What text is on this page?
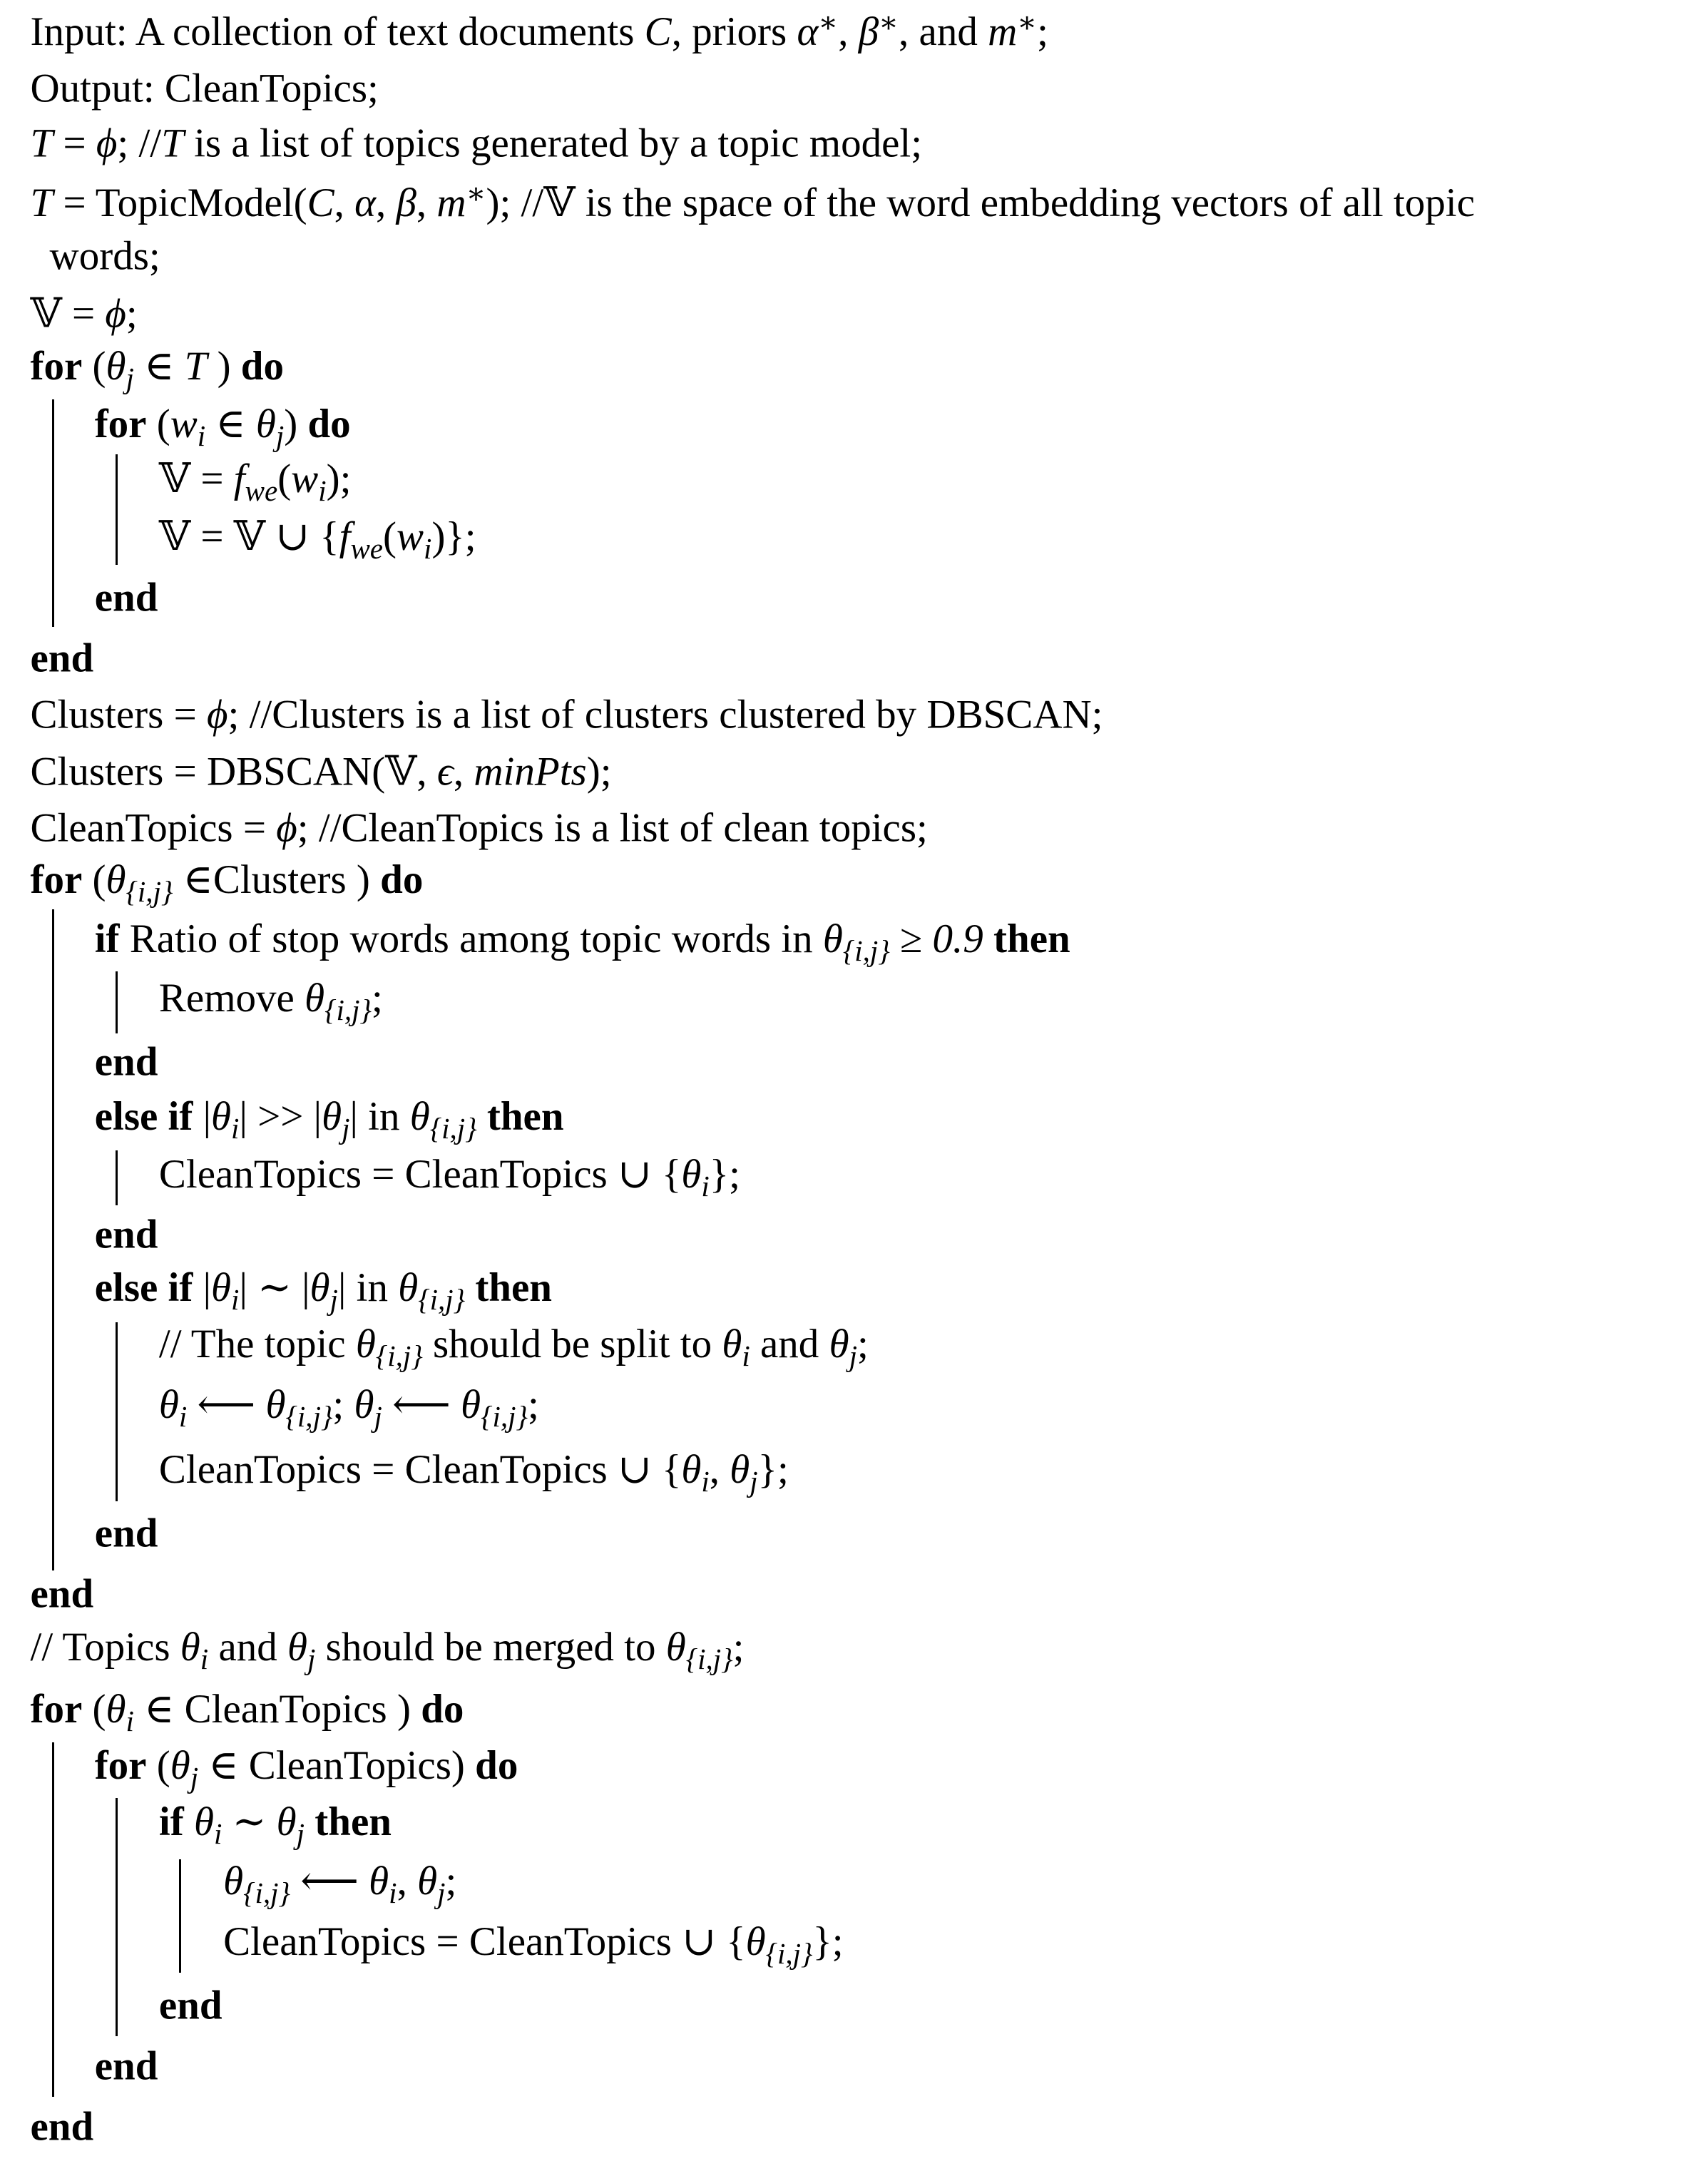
Input: A collection of text documents C, priors α∗, β∗, and m∗;
Output: CleanTopics;
T = ϕ; //T is a list of topics generated by a topic model;
T = TopicModel(C, α, β, m∗); //𝕍 is the space of the word embedding vectors of all topic
words;
𝕍 = ϕ;
for ($\theta_j$ ∈ T ) do
for ($w_i$ ∈ $\theta_j$) do
𝕍 = $f_{we}(w_i)$;
𝕍 = 𝕍 ∪ $\{f_{we}(w_i)\}$;
end
end
Clusters = ϕ; //Clusters is a list of clusters clustered by DBSCAN;
Clusters = DBSCAN(𝕍, ϵ, minPts);
CleanTopics = ϕ; //CleanTopics is a list of clean topics;
for ($\theta_{\{i,j\}}$ ∈Clusters ) do
if Ratio of stop words among topic words in $\theta_{\{i,j\}} \ge 0.9$ then
Remove $\theta_{\{i,j\}}$;
end
else if $|\theta_i| >> |\theta_j|$ in $\theta_{\{i,j\}}$ then
CleanTopics = CleanTopics ∪ $\{\theta_i\}$;
end
else if $|\theta_i|$ ∼ $|\theta_j|$ in $\theta_{\{i,j\}}$ then
// The topic $\theta_{\{i,j\}}$ should be split to $\theta_i$ and $\theta_j$;
$\theta_i$ ⟵ $\theta_{\{i,j\}}$; $\theta_j$ ⟵ $\theta_{\{i,j\}}$;
CleanTopics = CleanTopics ∪ {$\theta_i$, $\theta_j$};
end
end
// Topics $\theta_i$ and $\theta_j$ should be merged to $\theta_{\{i,j\}}$;
for ($\theta_i$ ∈ CleanTopics ) do
for ($\theta_j$ ∈ CleanTopics) do
if $\theta_i$ ∼ $\theta_j$ then
$\theta_{\{i,j\}}$ ⟵ $\theta_i$, $\theta_j$;
CleanTopics = CleanTopics ∪ $\{\theta_{\{i,j\}}\}$;
end
end
end
